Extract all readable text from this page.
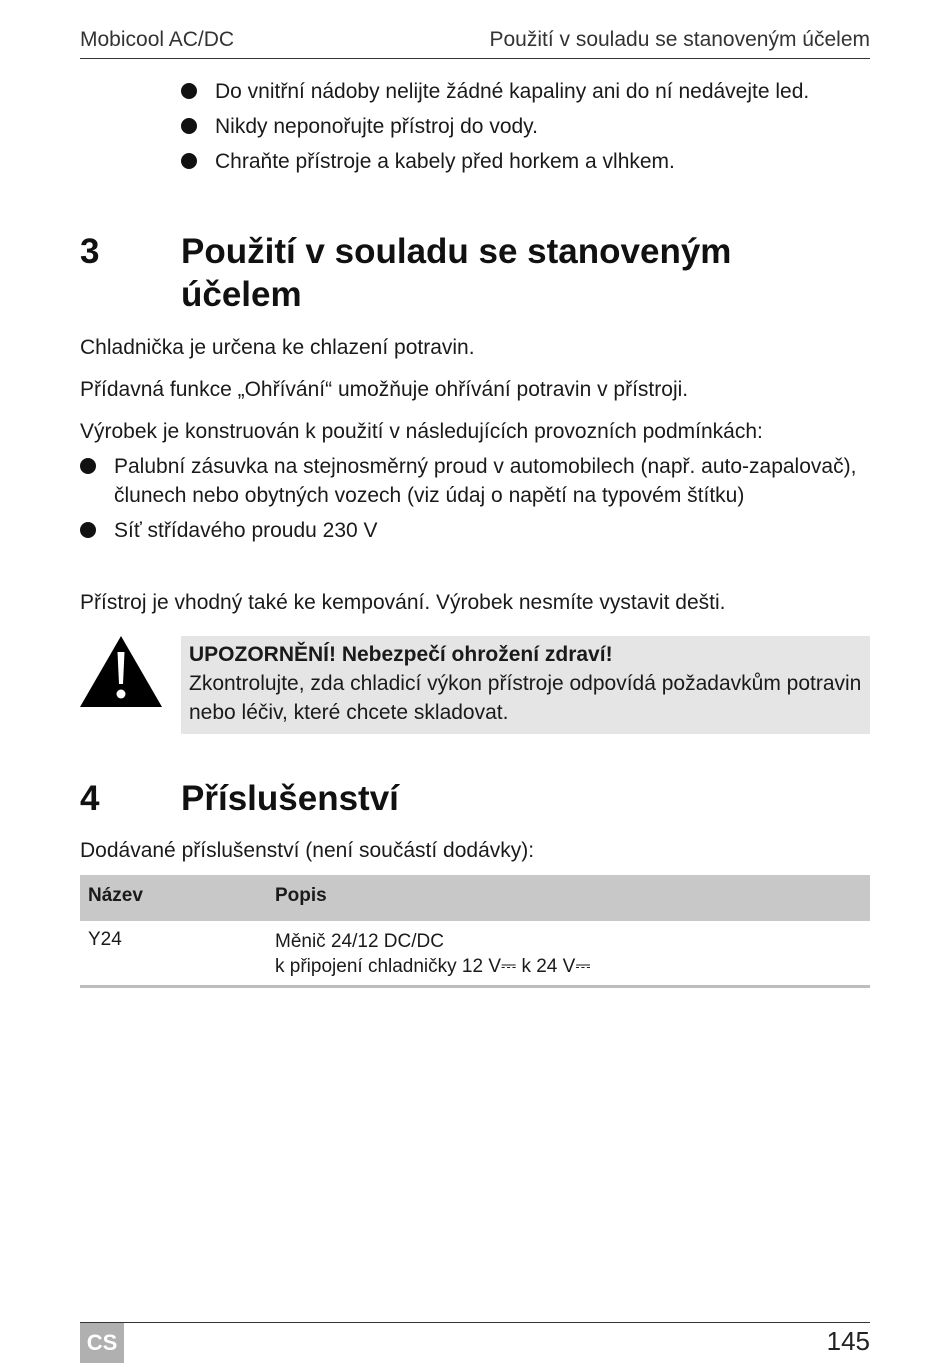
Mobicool AC/DC	Použití v souladu se stanoveným účelem
Do vnitřní nádoby nelijte žádné kapaliny ani do ní nedávejte led.
Nikdy neponořujte přístroj do vody.
Chraňte přístroje a kabely před horkem a vlhkem.
3 Použití v souladu se stanoveným účelem
Chladnička je určena ke chlazení potravin.
Přídavná funkce „Ohřívání“ umožňuje ohřívání potravin v přístroji.
Výrobek je konstruován k použití v následujících provozních podmínkách:
Palubní zásuvka na stejnosměrný proud v automobilech (např. auto-zapalovač), člunech nebo obytných vozech (viz údaj o napětí na typovém štítku)
Síť střídavého proudu 230 V
Přístroj je vhodný také ke kempování. Výrobek nesmíte vystavit dešti.
UPOZORNĚNÍ! Nebezpečí ohrožení zdraví!
Zkontrolujte, zda chladicí výkon přístroje odpovídá požadavkům potravin nebo léčiv, které chcete skladovat.
4 Příslušenství
Dodávané příslušenství (není součástí dodávky):
Název	Popis
Y24	Měnič 24/12 DC/DC
k připojení chladničky 12 V⎓ k 24 V⎓
CS	145
